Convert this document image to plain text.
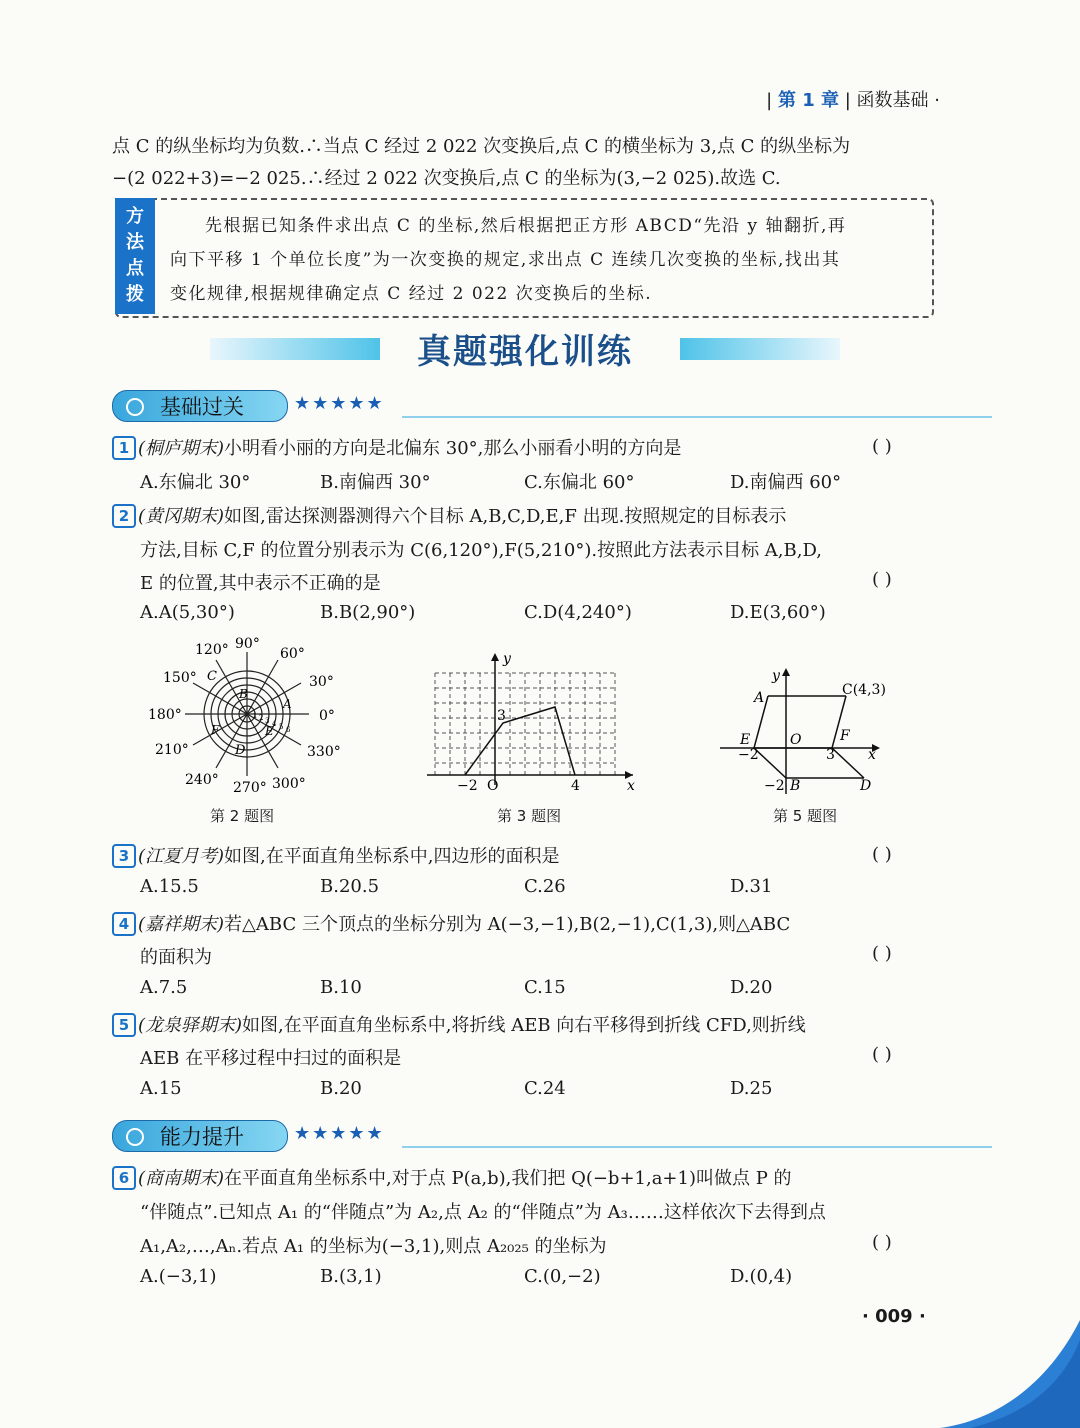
| 第 1 章 | 函数基础 ·
点 C 的纵坐标均为负数.∴当点 C 经过 2 022 次变换后,点 C 的横坐标为 3,点 C 的纵坐标为
−(2 022+3)=−2 025.∴经过 2 022 次变换后,点 C 的坐标为(3,−2 025).故选 C.
方
法
点
拨
先根据已知条件求出点 C 的坐标,然后根据把正方形 ABCD“先沿 y 轴翻折,再
向下平移 1 个单位长度”为一次变换的规定,求出点 C 连续几次变换的坐标,找出其
变化规律,根据规律确定点 C 经过 2 022 次变换后的坐标.
真题强化训练
基础过关	★★★★★
1 (桐庐期末)小明看小丽的方向是北偏东 30°,那么小丽看小明的方向是	( )
A.东偏北 30°	B.南偏西 30°	C.东偏北 60°	D.南偏西 60°
2 (黄冈期末)如图,雷达探测器测得六个目标 A,B,C,D,E,F 出现.按照规定的目标表示
方法,目标 C,F 的位置分别表示为 C(6,120°),F(5,210°).按照此方法表示目标 A,B,D,
E 的位置,其中表示不正确的是	( )
A.A(5,30°)	B.B(2,90°)	C.D(4,240°)	D.E(3,60°)
90°
60°
30°
0°
330°
300°
270°
240°
210°
180°
150°
120°
A
B
C
D
E
F
1 2 3 4 5 6
第 2 题图
y
x
−2 O	4
3
第 3 题图
y
x
A	C(4,3)
E	O	F
−2	3
−2 B	D
第 5 题图
3 (江夏月考)如图,在平面直角坐标系中,四边形的面积是	( )
A.15.5	B.20.5	C.26	D.31
4 (嘉祥期末)若△ABC 三个顶点的坐标分别为 A(−3,−1),B(2,−1),C(1,3),则△ABC
的面积为	( )
A.7.5	B.10	C.15	D.20
5 (龙泉驿期末)如图,在平面直角坐标系中,将折线 AEB 向右平移得到折线 CFD,则折线
AEB 在平移过程中扫过的面积是	( )
A.15	B.20	C.24	D.25
能力提升	★★★★★
6 (商南期末)在平面直角坐标系中,对于点 P(a,b),我们把 Q(−b+1,a+1)叫做点 P 的
“伴随点”.已知点 A₁ 的“伴随点”为 A₂,点 A₂ 的“伴随点”为 A₃……这样依次下去得到点
A₁,A₂,…,Aₙ.若点 A₁ 的坐标为(−3,1),则点 A₂₀₂₅ 的坐标为	( )
A.(−3,1)	B.(3,1)	C.(0,−2)	D.(0,4)
· 009 ·
